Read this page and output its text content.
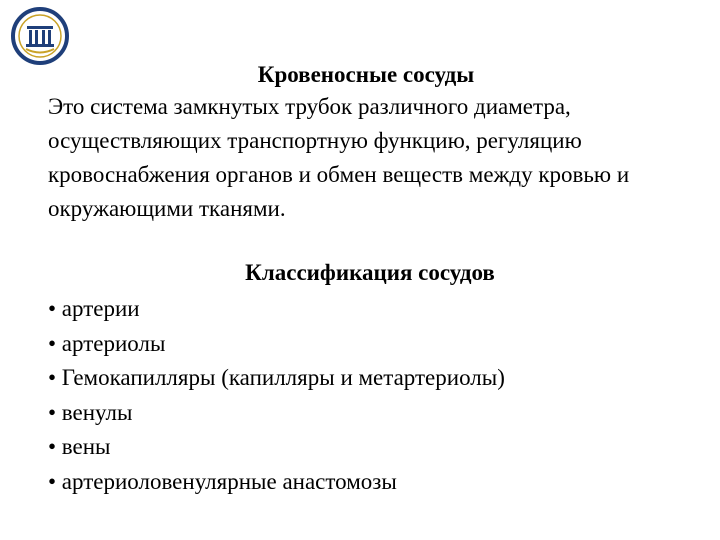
Кровеносные сосуды
Это система замкнутых трубок различного диаметра, осуществляющих транспортную функцию, регуляцию кровоснабжения органов и обмен веществ между кровью и окружающими тканями.
Классификация сосудов
• артерии
• артериолы
• Гемокапилляры (капилляры и метартериолы)
• венулы
• вены
• артериоловенулярные анастомозы
